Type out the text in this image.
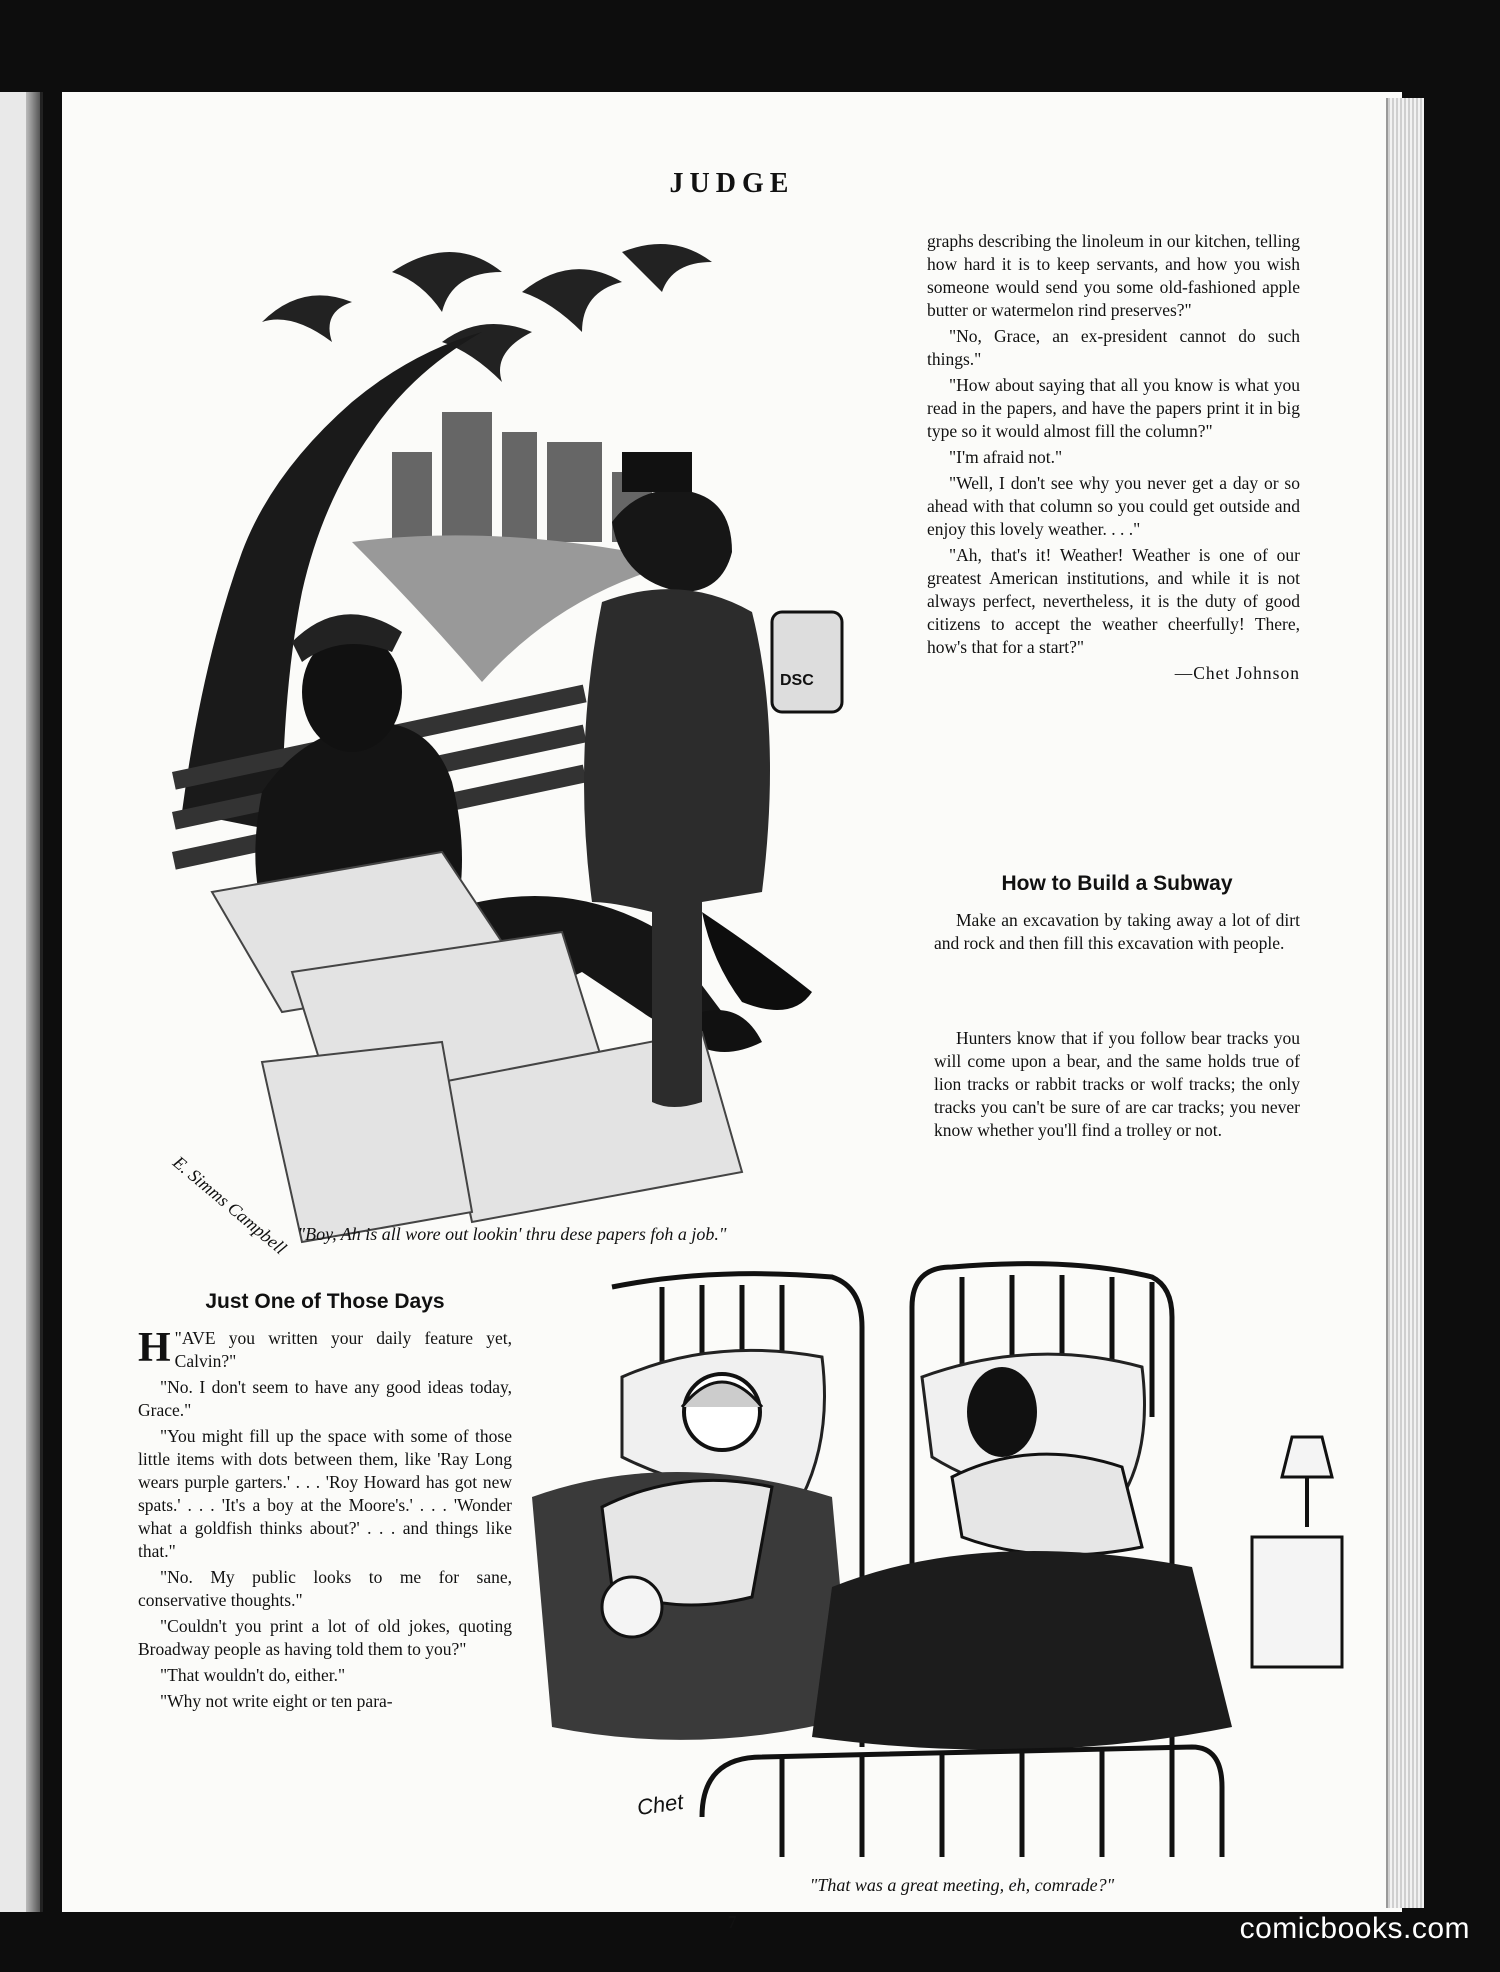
JUDGE
DSC
E. Simms Campbell "Boy, Ah is all wore out lookin' thru dese papers foh a job."

graphs describing the linoleum in our kitchen, telling how hard it is to keep servants, and how you wish someone would send you some old-fashioned apple butter or watermelon rind preserves?"

"No, Grace, an ex-president cannot do such things."

"How about saying that all you know is what you read in the papers, and have the papers print it in big type so it would almost fill the column?"

"I'm afraid not."

"Well, I don't see why you never get a day or so ahead with that column so you could get outside and enjoy this lovely weather. . . ."

"Ah, that's it! Weather! Weather is one of our greatest American institutions, and while it is not always perfect, nevertheless, it is the duty of good citizens to accept the weather cheerfully! There, how's that for a start?"

—Chet Johnson
How to Build a Subway

Make an excavation by taking away a lot of dirt and rock and then fill this excavation with people.

Hunters know that if you follow bear tracks you will come upon a bear, and the same holds true of lion tracks or rabbit tracks or wolf tracks; the only tracks you can't be sure of are car tracks; you never know whether you'll find a trolley or not.

Just One of Those Days

"
H AVE you written your daily feature yet, Calvin?"

"No. I don't seem to have any good ideas today, Grace."

"You might fill up the space with some of those little items with dots between them, like 'Ray Long wears purple garters.' . . . 'Roy Howard has got new spats.' . . . 'It's a boy at the Moore's.' . . . 'Wonder what a goldfish thinks about?' . . . and things like that."

"No. My public looks to me for sane, conservative thoughts."

"Couldn't you print a lot of old jokes, quoting Broadway people as having told them to you?"

"That wouldn't do, either."

"Why not write eight or ten para-

Chet
"That was a great meeting, eh, comrade?"
7	comicbooks.com
